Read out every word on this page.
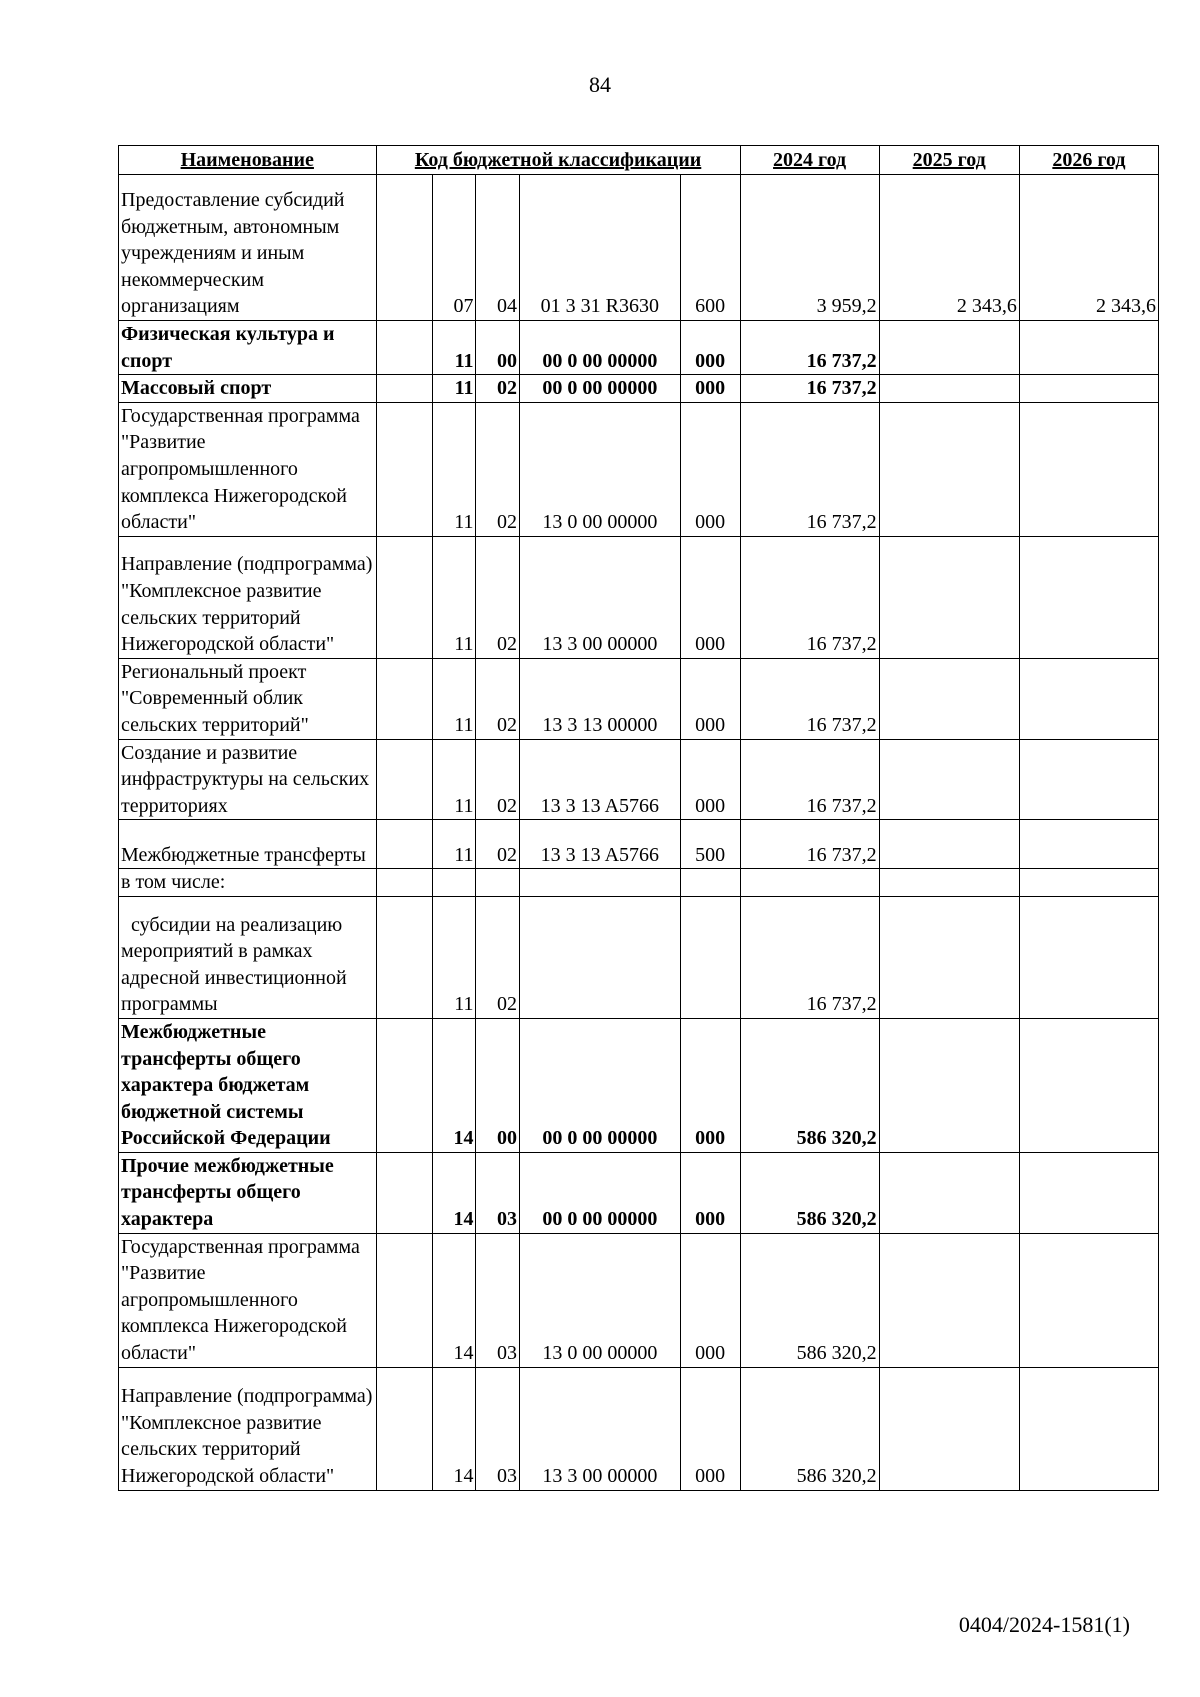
84
Наименование	Код бюджетной классификации					2024 год	2025 год	2026 год
Предоставление субсидий бюджетным, автономным учреждениям и иным некоммерческим организациям		07	04	01 3 31 R3630	600	3 959,2	2 343,6	2 343,6
Физическая культура и спорт		11	00	00 0 00 00000	000	16 737,2		
Массовый спорт		11	02	00 0 00 00000	000	16 737,2		
Государственная программа "Развитие агропромышленного комплекса Нижегородской области"		11	02	13 0 00 00000	000	16 737,2		
Направление (подпрограмма) "Комплексное развитие сельских территорий Нижегородской области"		11	02	13 3 00 00000	000	16 737,2		
Региональный проект "Современный облик сельских территорий"		11	02	13 3 13 00000	000	16 737,2		
Создание и развитие инфраструктуры на сельских территориях		11	02	13 3 13 A5766	000	16 737,2		
Межбюджетные трансферты		11	02	13 3 13 A5766	500	16 737,2		
в том числе:								
субсидии на реализацию мероприятий в рамках адресной инвестиционной программы		11	02			16 737,2		
Межбюджетные трансферты общего характера бюджетам бюджетной системы Российской Федерации		14	00	00 0 00 00000	000	586 320,2		
Прочие межбюджетные трансферты общего характера		14	03	00 0 00 00000	000	586 320,2		
Государственная программа "Развитие агропромышленного комплекса Нижегородской области"		14	03	13 0 00 00000	000	586 320,2		
Направление (подпрограмма) "Комплексное развитие сельских территорий Нижегородской области"		14	03	13 3 00 00000	000	586 320,2		
0404/2024-1581(1)
